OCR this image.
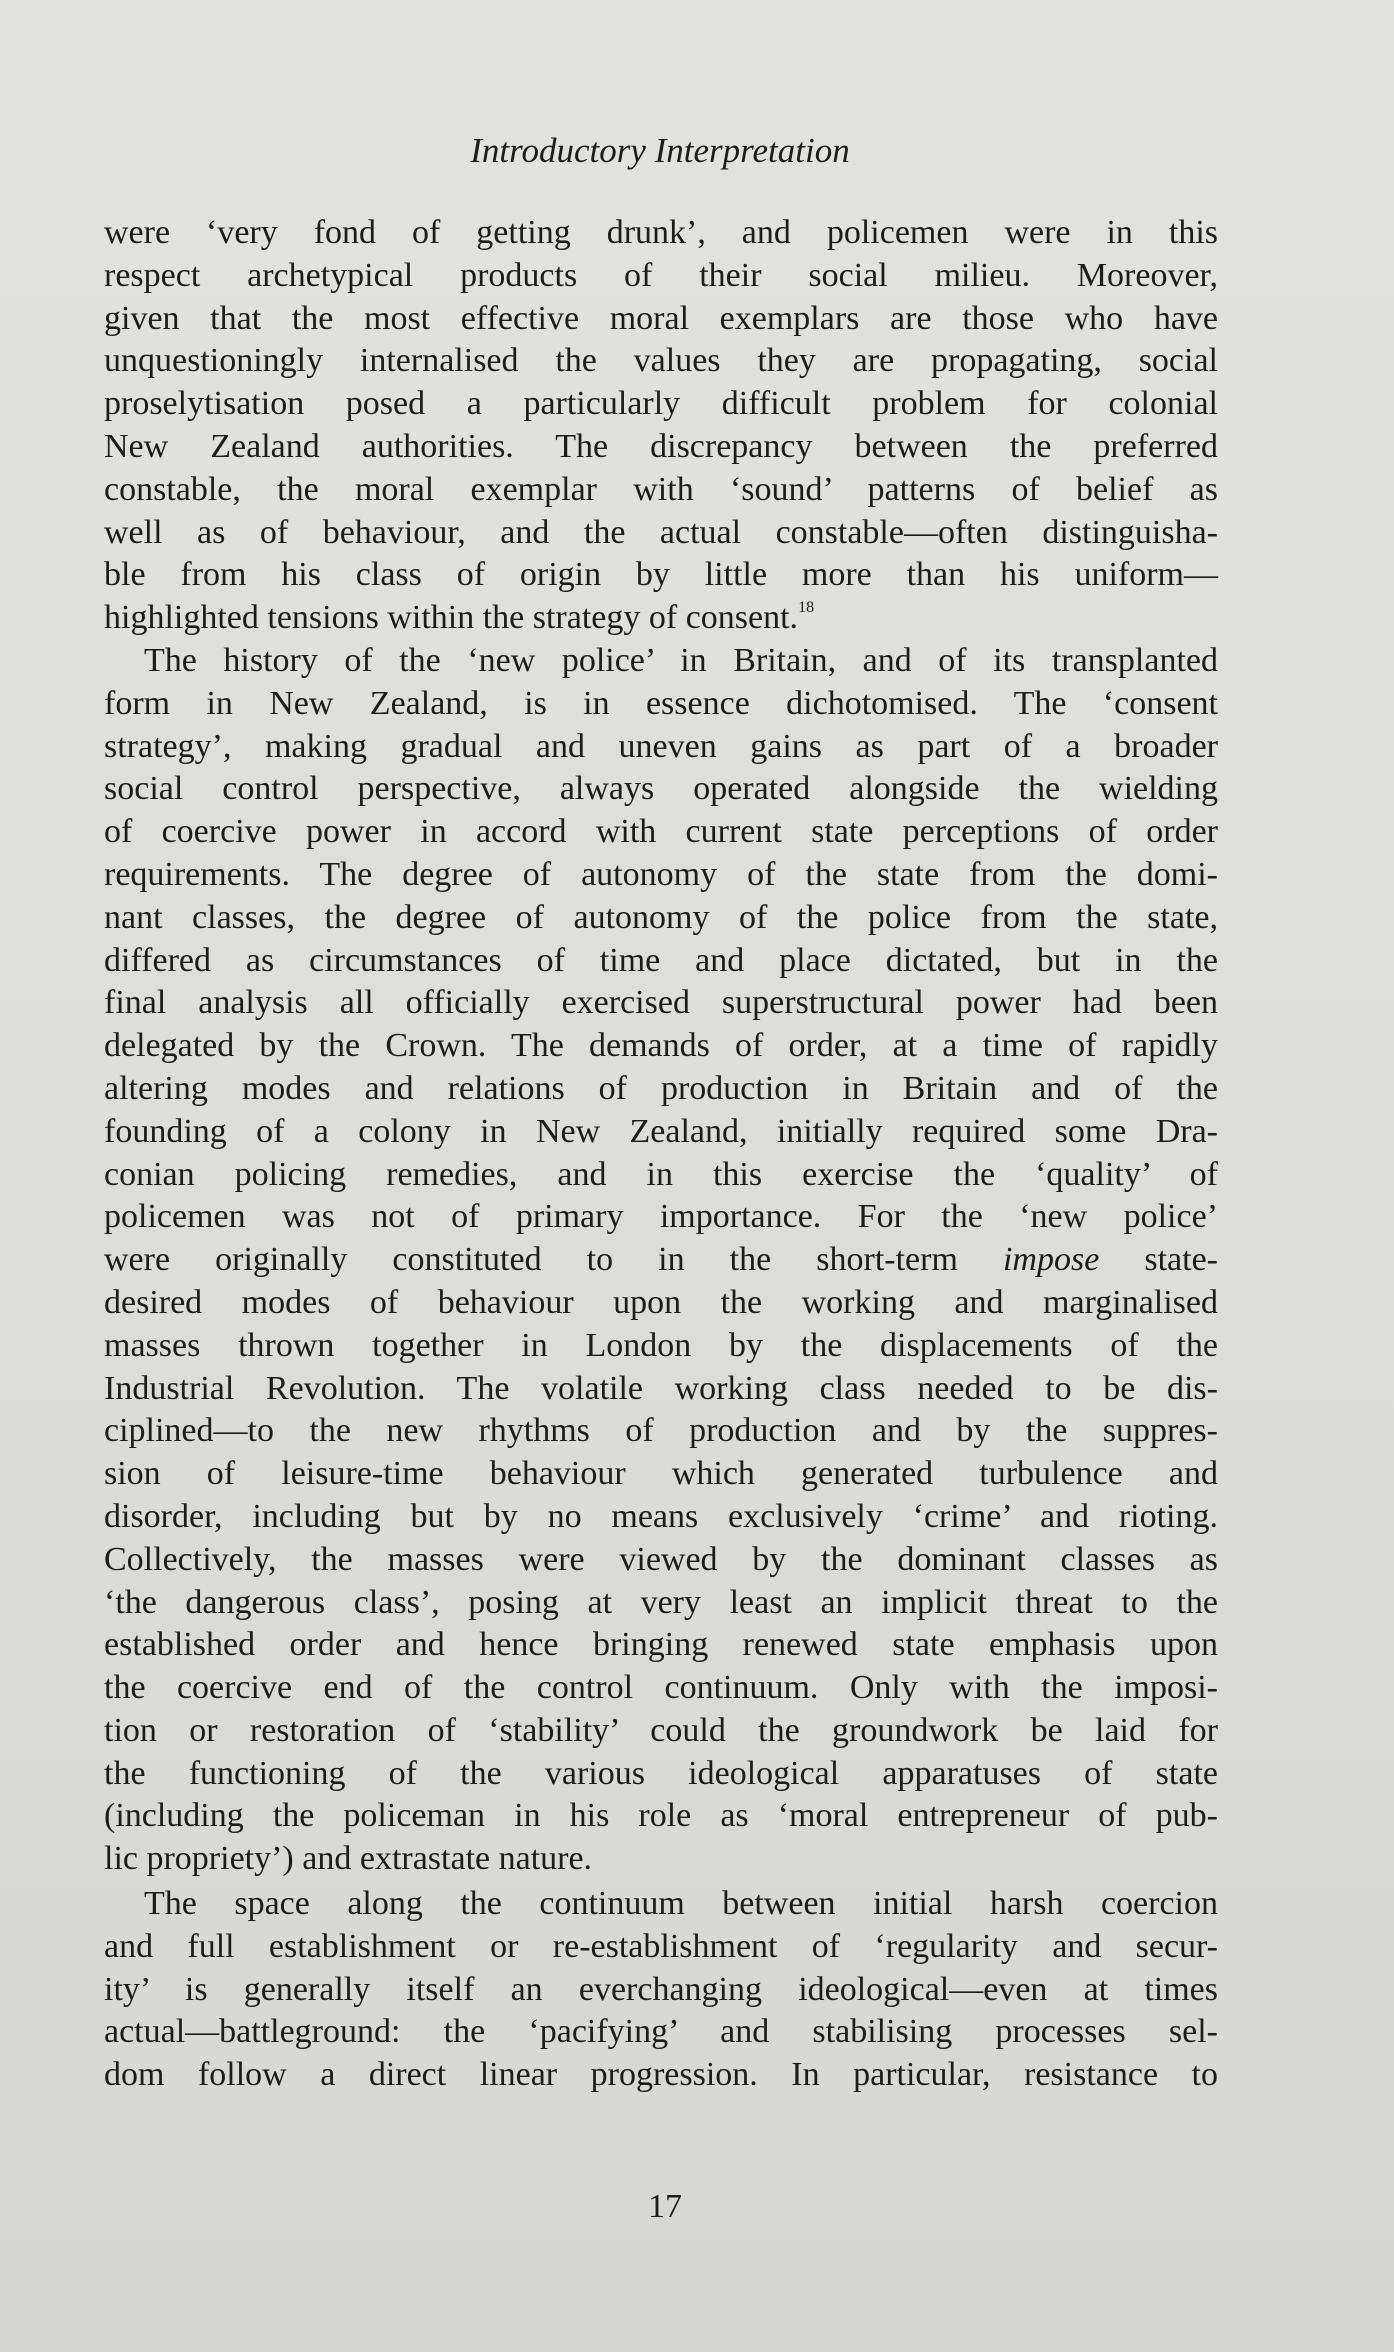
Introductory Interpretation
were ‘very fond of getting drunk’, and policemen were in this
respect archetypical products of their social milieu. Moreover,
given that the most effective moral exemplars are those who have
unquestioningly internalised the values they are propagating, social
proselytisation posed a particularly difficult problem for colonial
New Zealand authorities. The discrepancy between the preferred
constable, the moral exemplar with ‘sound’ patterns of belief as
well as of behaviour, and the actual constable—often distinguisha-
ble from his class of origin by little more than his uniform—
highlighted tensions within the strategy of consent.$^{18}$
The history of the ‘new police’ in Britain, and of its transplanted
form in New Zealand, is in essence dichotomised. The ‘consent
strategy’, making gradual and uneven gains as part of a broader
social control perspective, always operated alongside the wielding
of coercive power in accord with current state perceptions of order
requirements. The degree of autonomy of the state from the domi-
nant classes, the degree of autonomy of the police from the state,
differed as circumstances of time and place dictated, but in the
final analysis all officially exercised superstructural power had been
delegated by the Crown. The demands of order, at a time of rapidly
altering modes and relations of production in Britain and of the
founding of a colony in New Zealand, initially required some Dra-
conian policing remedies, and in this exercise the ‘quality’ of
policemen was not of primary importance. For the ‘new police’
were originally constituted to in the short-term impose state-
desired modes of behaviour upon the working and marginalised
masses thrown together in London by the displacements of the
Industrial Revolution. The volatile working class needed to be dis-
ciplined—to the new rhythms of production and by the suppres-
sion of leisure-time behaviour which generated turbulence and
disorder, including but by no means exclusively ‘crime’ and rioting.
Collectively, the masses were viewed by the dominant classes as
‘the dangerous class’, posing at very least an implicit threat to the
established order and hence bringing renewed state emphasis upon
the coercive end of the control continuum. Only with the imposi-
tion or restoration of ‘stability’ could the groundwork be laid for
the functioning of the various ideological apparatuses of state
(including the policeman in his role as ‘moral entrepreneur of pub-
lic propriety’) and extrastate nature.
The space along the continuum between initial harsh coercion
and full establishment or re-establishment of ‘regularity and secur-
ity’ is generally itself an everchanging ideological—even at times
actual—battleground: the ‘pacifying’ and stabilising processes sel-
dom follow a direct linear progression. In particular, resistance to
17
